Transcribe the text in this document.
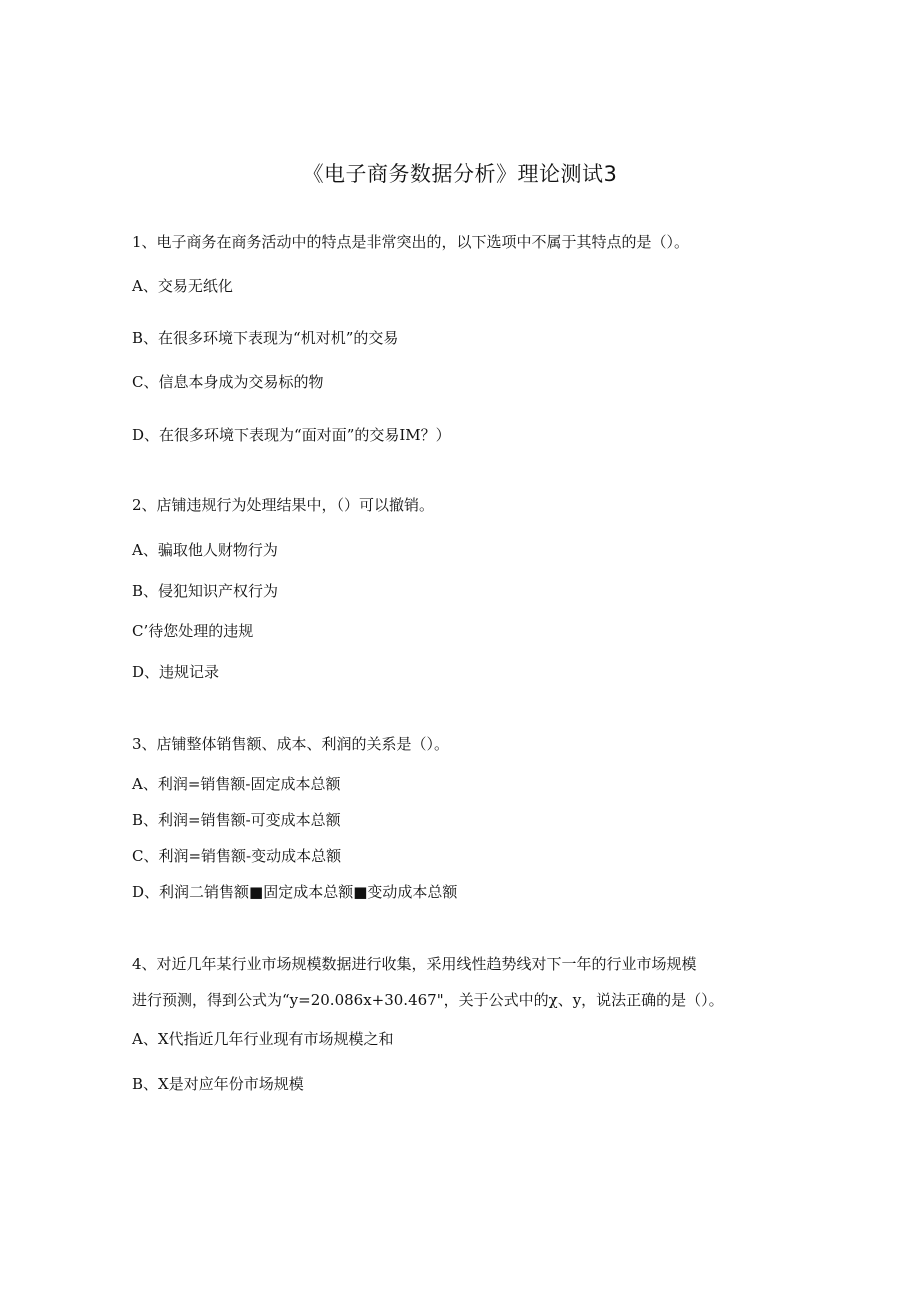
《电子商务数据分析》理论测试3
1、电子商务在商务活动中的特点是非常突出的，以下选项中不属于其特点的是（）。
A、交易无纸化
B、在很多环境下表现为“机对机”的交易
C、信息本身成为交易标的物
D、在很多环境下表现为“面对面”的交易IM？）
2、店铺违规行为处理结果中，（）可以撤销。
A、骗取他人财物行为
B、侵犯知识产权行为
C’待您处理的违规
D、违规记录
3、店铺整体销售额、成本、利润的关系是（）。
A、利润=销售额-固定成本总额
B、利润=销售额-可变成本总额
C、利润=销售额-变动成本总额
D、利润二销售额■固定成本总额■变动成本总额
4、对近几年某行业市场规模数据进行收集，采用线性趋势线对下一年的行业市场规模
进行预测，得到公式为“y=20.086x+30.467"，关于公式中的χ、y，说法正确的是（）。
A、X代指近几年行业现有市场规模之和
B、X是对应年份市场规模
